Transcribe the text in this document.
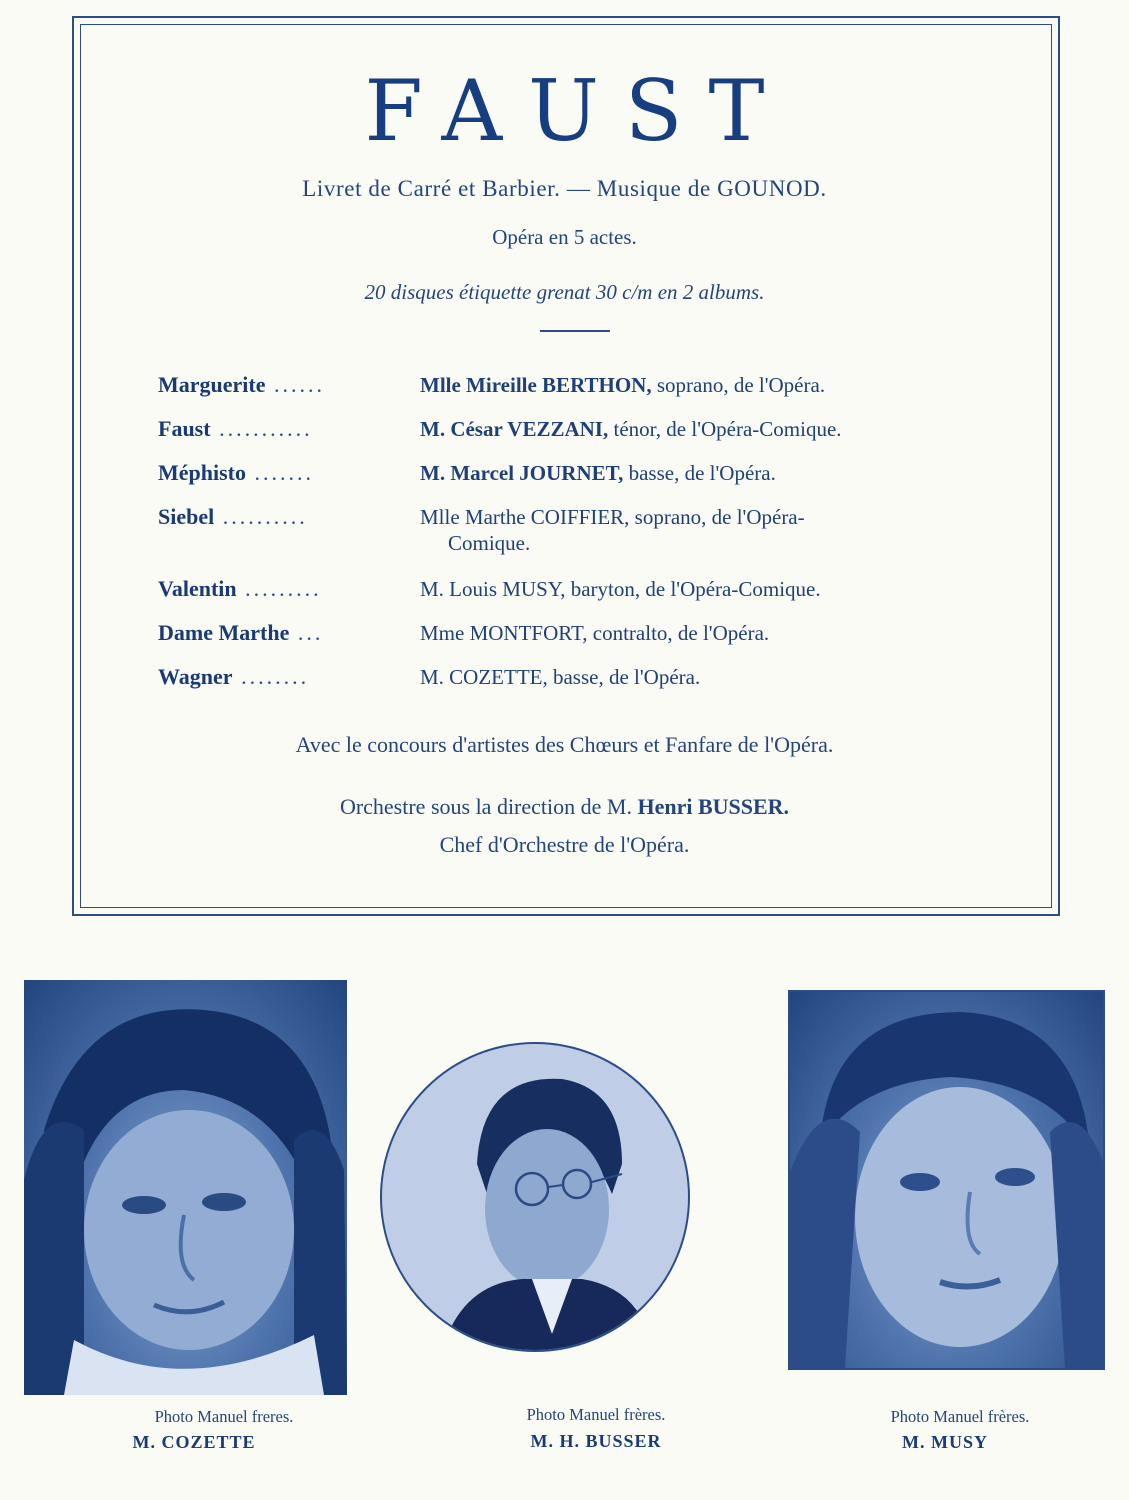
FAUST
Livret de Carré et Barbier. — Musique de GOUNOD.
Opéra en 5 actes.
20 disques étiquette grenat 30 c/m en 2 albums.
Marguerite ......	Mlle Mireille BERTHON, soprano, de l'Opéra.
Faust ...........	M. César VEZZANI, ténor, de l'Opéra-Comique.
Méphisto .......	M. Marcel JOURNET, basse, de l'Opéra.
Siebel ..........	Mlle Marthe COIFFIER, soprano, de l'Opéra-
Comique.
Valentin .........	M. Louis MUSY, baryton, de l'Opéra-Comique.
Dame Marthe ...	Mme MONTFORT, contralto, de l'Opéra.
Wagner ........	M. COZETTE, basse, de l'Opéra.
Avec le concours d'artistes des Chœurs et Fanfare de l'Opéra.
Orchestre sous la direction de M. Henri BUSSER.
Chef d'Orchestre de l'Opéra.
Photo Manuel freres.
M. COZETTE
Photo Manuel frères.
M. H. BUSSER
Photo Manuel frères.
M. MUSY
